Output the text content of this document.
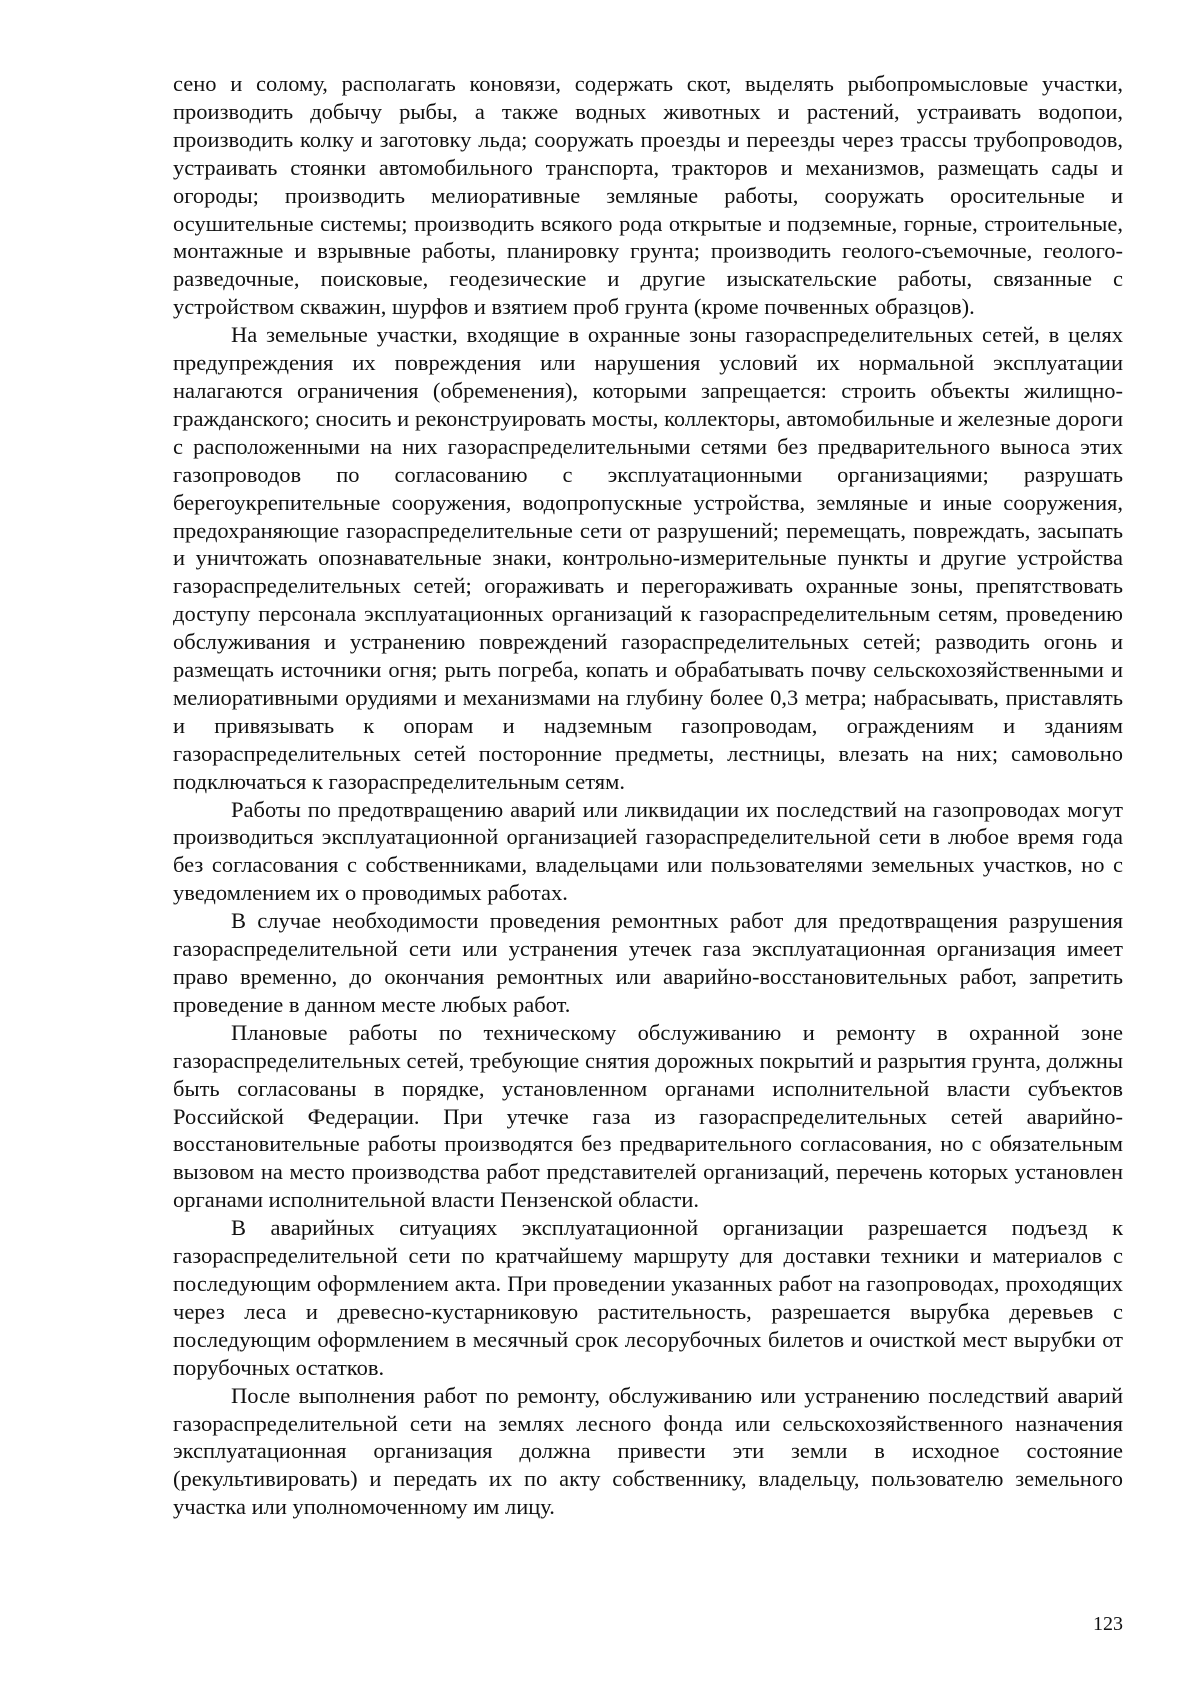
сено и солому, располагать коновязи, содержать скот, выделять рыбопромысловые участки, производить добычу рыбы, а также водных животных и растений, устраивать водопои, производить колку и заготовку льда; сооружать проезды и переезды через трассы трубопроводов, устраивать стоянки автомобильного транспорта, тракторов и механизмов, размещать сады и огороды; производить мелиоративные земляные работы, сооружать оросительные и осушительные системы; производить всякого рода открытые и подземные, горные, строительные, монтажные и взрывные работы, планировку грунта; производить геолого-съемочные, геолого-разведочные, поисковые, геодезические и другие изыскательские работы, связанные с устройством скважин, шурфов и взятием проб грунта (кроме почвенных образцов).

На земельные участки, входящие в охранные зоны газораспределительных сетей, в целях предупреждения их повреждения или нарушения условий их нормальной эксплуатации налагаются ограничения (обременения), которыми запрещается: строить объекты жилищно-гражданского; сносить и реконструировать мосты, коллекторы, автомобильные и железные дороги с расположенными на них газораспределительными сетями без предварительного выноса этих газопроводов по согласованию с эксплуатационными организациями; разрушать берегоукрепительные сооружения, водопропускные устройства, земляные и иные сооружения, предохраняющие газораспределительные сети от разрушений; перемещать, повреждать, засыпать и уничтожать опознавательные знаки, контрольно-измерительные пункты и другие устройства газораспределительных сетей; огораживать и перегораживать охранные зоны, препятствовать доступу персонала эксплуатационных организаций к газораспределительным сетям, проведению обслуживания и устранению повреждений газораспределительных сетей; разводить огонь и размещать источники огня; рыть погреба, копать и обрабатывать почву сельскохозяйственными и мелиоративными орудиями и механизмами на глубину более 0,3 метра; набрасывать, приставлять и привязывать к опорам и надземным газопроводам, ограждениям и зданиям газораспределительных сетей посторонние предметы, лестницы, влезать на них; самовольно подключаться к газораспределительным сетям.

Работы по предотвращению аварий или ликвидации их последствий на газопроводах могут производиться эксплуатационной организацией газораспределительной сети в любое время года без согласования с собственниками, владельцами или пользователями земельных участков, но с уведомлением их о проводимых работах.

В случае необходимости проведения ремонтных работ для предотвращения разрушения газораспределительной сети или устранения утечек газа эксплуатационная организация имеет право временно, до окончания ремонтных или аварийно-восстановительных работ, запретить проведение в данном месте любых работ.

Плановые работы по техническому обслуживанию и ремонту в охранной зоне газораспределительных сетей, требующие снятия дорожных покрытий и разрытия грунта, должны быть согласованы в порядке, установленном органами исполнительной власти субъектов Российской Федерации. При утечке газа из газораспределительных сетей аварийно-восстановительные работы производятся без предварительного согласования, но с обязательным вызовом на место производства работ представителей организаций, перечень которых установлен органами исполнительной власти Пензенской области.

В аварийных ситуациях эксплуатационной организации разрешается подъезд к газораспределительной сети по кратчайшему маршруту для доставки техники и материалов с последующим оформлением акта. При проведении указанных работ на газопроводах, проходящих через леса и древесно-кустарниковую растительность, разрешается вырубка деревьев с последующим оформлением в месячный срок лесорубочных билетов и очисткой мест вырубки от порубочных остатков.

После выполнения работ по ремонту, обслуживанию или устранению последствий аварий газораспределительной сети на землях лесного фонда или сельскохозяйственного назначения эксплуатационная организация должна привести эти земли в исходное состояние (рекультивировать) и передать их по акту собственнику, владельцу, пользователю земельного участка или уполномоченному им лицу.

123
